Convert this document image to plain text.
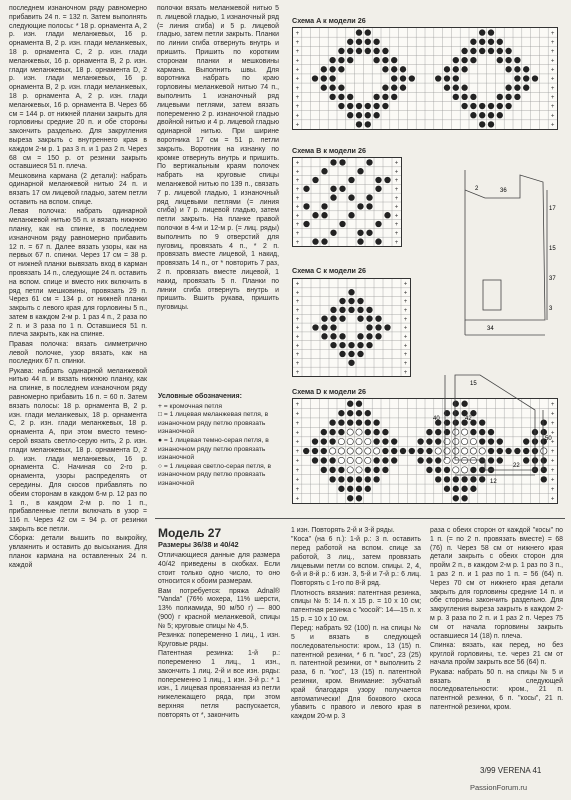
последнем изнаночном ряду равномерно прибавить 24 п. = 132 п. Затем выполнять следующие полосы: * 18 р. орнамента А, 2 р. изн. глади меланжевых, 16 р. орнамента B, 2 р. изн. глади меланжевых, 18 р. орнамента C, 2 р. изн. глади меланжевых, 16 р. орнамента B, 2 р. изн. глади меланжевых, 18 р. орнамента D, 2 р. изн. глади меланжевых, 16 р. орнамента B, 2 р. изн. глади меланжевых, 18 р. орнамента А, 2 р. изн. глади меланжевых, 16 р. орнамента B. Через 66 см = 144 р. от нижней планки закрыть для горловины средние 20 п. и обе стороны закончить раздельно. Для закругления выреза закрыть с внутреннего края в каждом 2-м р. 1 раз 3 п. и 1 раз 2 п. Через 68 см = 150 р. от резинки закрыть оставшиеся 51 п. плеча.

Мешковина кармана (2 детали): набрать одинарной меланжевой нитью 24 п. и вязать 17 см лицевой гладью, затем петли оставить на вспом. спице.

Левая полочка: набрать одинарной меланжевой нитью 55 п. и вязать нижнюю планку, как на спинке, в последнем изнаночном ряду равномерно прибавить 12 п. = 67 п. Далее вязать узоры, как на первых 67 п. спинки. Через 17 см = 38 р. от нижней планки вывязать вход в карман провязать 14 п., следующие 24 п. оставить на вспом. спице и вместо них включить в ряд петли мешковины, провязать 29 п. Через 61 см = 134 р. от нижней планки закрыть с левого края для горловины 5 п., затем в каждом 2-м р. 1 раз 4 п., 2 раза по 2 п. и 3 раза по 1 п. Оставшиеся 51 п. плеча закрыть, как на спинке.

Правая полочка: вязать симметрично левой полочке, узор вязать, как на последних 67 п. спинки.

Рукава: набрать одинарной меланжевой нитью 44 п. и вязать нижнюю планку, как на спинке, в последнем изнаночном ряду равномерно прибавить 16 п. = 60 п. Затем вязать полосы: 18 р. орнамента B, 2 р. изн. глади меланжевых, 18 р. орнамента C, 2 р. изн. глади меланжевых, 18 р. орнамента А, при этом вместо темно-серой вязать светло-серую нить, 2 р. изн. глади меланжевых, 18 р. орнамента D, 2 р. изн. глади меланжевых, 16 р. орнамента C. Начиная со 2-го р. орнамента, узоры распределять от середины. Для скосов прибавлять по обеим сторонам в каждом 6-м р. 12 раз по 1 п., в каждом 2-м р. по 1 п., прибавленные петли включать в узор = 116 п. Через 42 см = 94 р. от резинки закрыть все петли.

Сборка: детали вышить по выкройку, увлажнить и оставить до высыхания. Для планок кармана на оставленных 24 п. каждой

полочки вязать меланжевой нитью 5 п. лицевой гладью, 1 изнаночный ряд (= линия сгиба) и 5 р. лицевой гладью, затем петли закрыть. Планки по линии сгиба отвернуть внутрь и пришить. Пришить по коротким сторонам планки и мешковины кармана. Выполнить швы. Для воротника набрать по краю горловины меланжевой нитью 74 п., выполнить 1 изнаночный ряд лицевыми петлями, затем вязать попеременно 2 р. изнаночной гладью двойной нитью и 4 р. лицевой гладью одинарной нитью. При ширине воротника 17 см = 51 р. петли закрыть. Воротник на изнанку по кромке отвернуть внутрь и пришить. По вертикальным краям полочек набрать на круговые спицы меланжевой нитью по 139 п., связать 7 р. лицевой гладью, 1 изнаночный ряд лицевыми петлями (= линия сгиба) и 7 р. лицевой гладью, затем петли закрыть. На планке правой полочки в 4-м и 12-м р. (= лиц. ряды) выполнить по 9 отверстий для пуговиц, провязать 4 п., * 2 п. провязать вместе лицевой, 1 накид, провязать 14 п., от * повторить 7 раз, 2 п. провязать вместе лицевой, 1 накид, провязать 5 п. Планки по линии сгиба отвернуть внутрь и пришить. Вшить рукава, пришить пуговицы.

Условные обозначения:
+ = кромочная петля
□ = 1 лицевая меланжевая петля, в изнаночном ряду петлю провязать изнаночной
● = 1 лицевая темно-серая петля, в изнаночном ряду петлю провязать изнаночной
○ = 1 лицевая светло-серая петля, в изнаночном ряду петлю провязать изнаночной
Схема A к модели 26
+	+
+	+
+	+
+	+
+	+
+	+
+	+
+	+
+	+
+	+
+	+
Схема B к модели 26
+	+
+	+
+	+
+	+
+	+
+	+
+	+
+	+
+	+
+	+
Схема C к модели 26
+	+
+	+
+	+
+	+
+	+
+	+
+	+
+	+
+	+
+	+
+	+
Схема D к модели 26
+	+
+	+
+	+
+	+
+	+
+	+
+	+
+	+
+	+
+	+
+	+
2	36
17
15
3
34
37
15
40
50
42
12
22
Модель 27
Размеры 36/38 и 40/42

Отличающиеся данные для размера 40/42 приведены в скобках. Если стоит только одно число, то оно относится к обоим размерам.

Вам потребуется: пряжа Adnal® "Vanda" (76% мохера, 11% шерсти, 13% полиамида, 90 м/50 г) — 800 (900) г красной меланжевой, спицы № 5; круговые спицы № 4,5.

Резинка: попеременно 1 лиц., 1 изн. Круговые ряды.

Патентная резинка: 1-й р.: попеременно 1 лиц., 1 изн., закончить 1 лиц. 2-й и все изн. ряды: попеременно 1 лиц., 1 изн. 3-й р.: * 1 изн., 1 лицевая провязанная из петли нижележащего ряда, при этом верхняя петля распускается, повторять от *, закончить

1 изн. Повторять 2-й и 3-й ряды.

"Коса" (на 6 п.): 1-й р.: 3 п. оставить перед работой на вспом. спице за работой, 3 лиц., затем провязать лицевыми петли со вспом. спицы. 2, 4, 6-й и 8-й р.: 6 изн. 3, 5-й и 7-й р.: 6 лиц. Повторять с 1-го по 8-й ряд.

Плотность вязания: патентная резинка, спицы № 5: 14 п. х 15 р. = 10 х 10 см; патентная резинка с "косой": 14—15 п. х 15 р. = 10 х 10 см.

Перед: набрать 92 (100) п. на спицы № 5 и вязать в следующей последовательности: кром., 13 (15) п. патентной резинки, * 6 п. "кос", 23 (25) п. патентной резинки, от * выполнить 2 раза, 6 п. "кос", 13 (15) п. патентной резинки, кром. Внимание: зубчатый край благодаря узору получается автоматически! Для бокового скоса убавить с правого и левого края в каждом 20-м р. 3

раза с обеих сторон от каждой "косы" по 1 п. (= по 2 п. провязать вместе) = 68 (76) п. Через 58 см от нижнего края детали закрыть с обеих сторон для пройм 2 п., в каждом 2-м р. 1 раз по 3 п., 1 раз 2 п. и 1 раз по 1 п. = 56 (64) п. Через 70 см от нижнего края детали закрыть для горловины средние 14 п. и обе стороны закончить раздельно. Для закругления выреза закрыть в каждом 2-м р. 3 раза по 2 п. и 1 раз 2 п. Через 75 см от начала горловины закрыть оставшиеся 14 (18) п. плеча.

Спинка: вязать, как перед, но без круглой горловины, т.е. через 21 см от начала пройм закрыть все 56 (64) п.

Рукава: набрать 50 п. на спицы № 5 и вязать в следующей последовательности: кром., 21 п. патентной резинки, 6 п. "косы", 21 п. патентной резинки, кром.

3/99 VERENA 41
PassionForum.ru
